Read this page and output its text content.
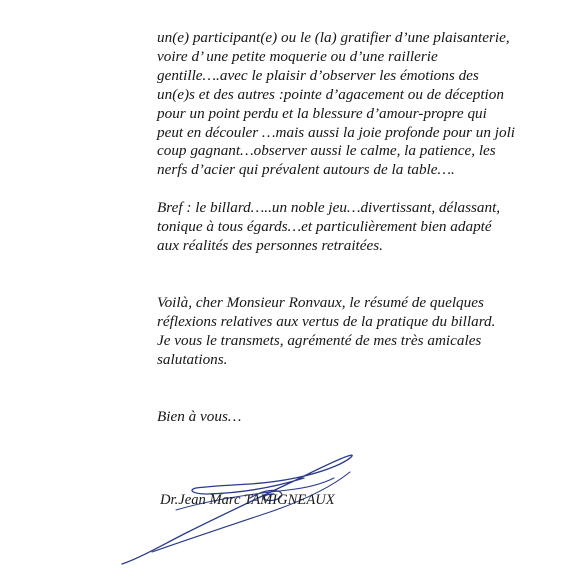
un(e) participant(e) ou le (la) gratifier d’une plaisanterie,
voire d’ une petite moquerie ou d’une raillerie
gentille….avec le plaisir d’observer les émotions des
un(e)s et des autres :pointe d’agacement ou de déception
pour un point perdu et la blessure d’amour-propre qui
peut en découler …mais aussi la joie profonde pour un joli
coup gagnant…observer aussi le calme, la patience, les
nerfs d’acier qui prévalent autours de la table….

Bref : le billard…..un noble jeu…divertissant, délassant,
tonique à tous égards…et particulièrement bien adapté
aux réalités des personnes retraitées.

Voilà, cher Monsieur Ronvaux, le résumé de quelques
réflexions relatives aux vertus de la pratique du billard.
Je vous le transmets, agrémenté de mes très amicales
salutations.

Bien à vous…

Dr.Jean Marc TAMIGNEAUX
